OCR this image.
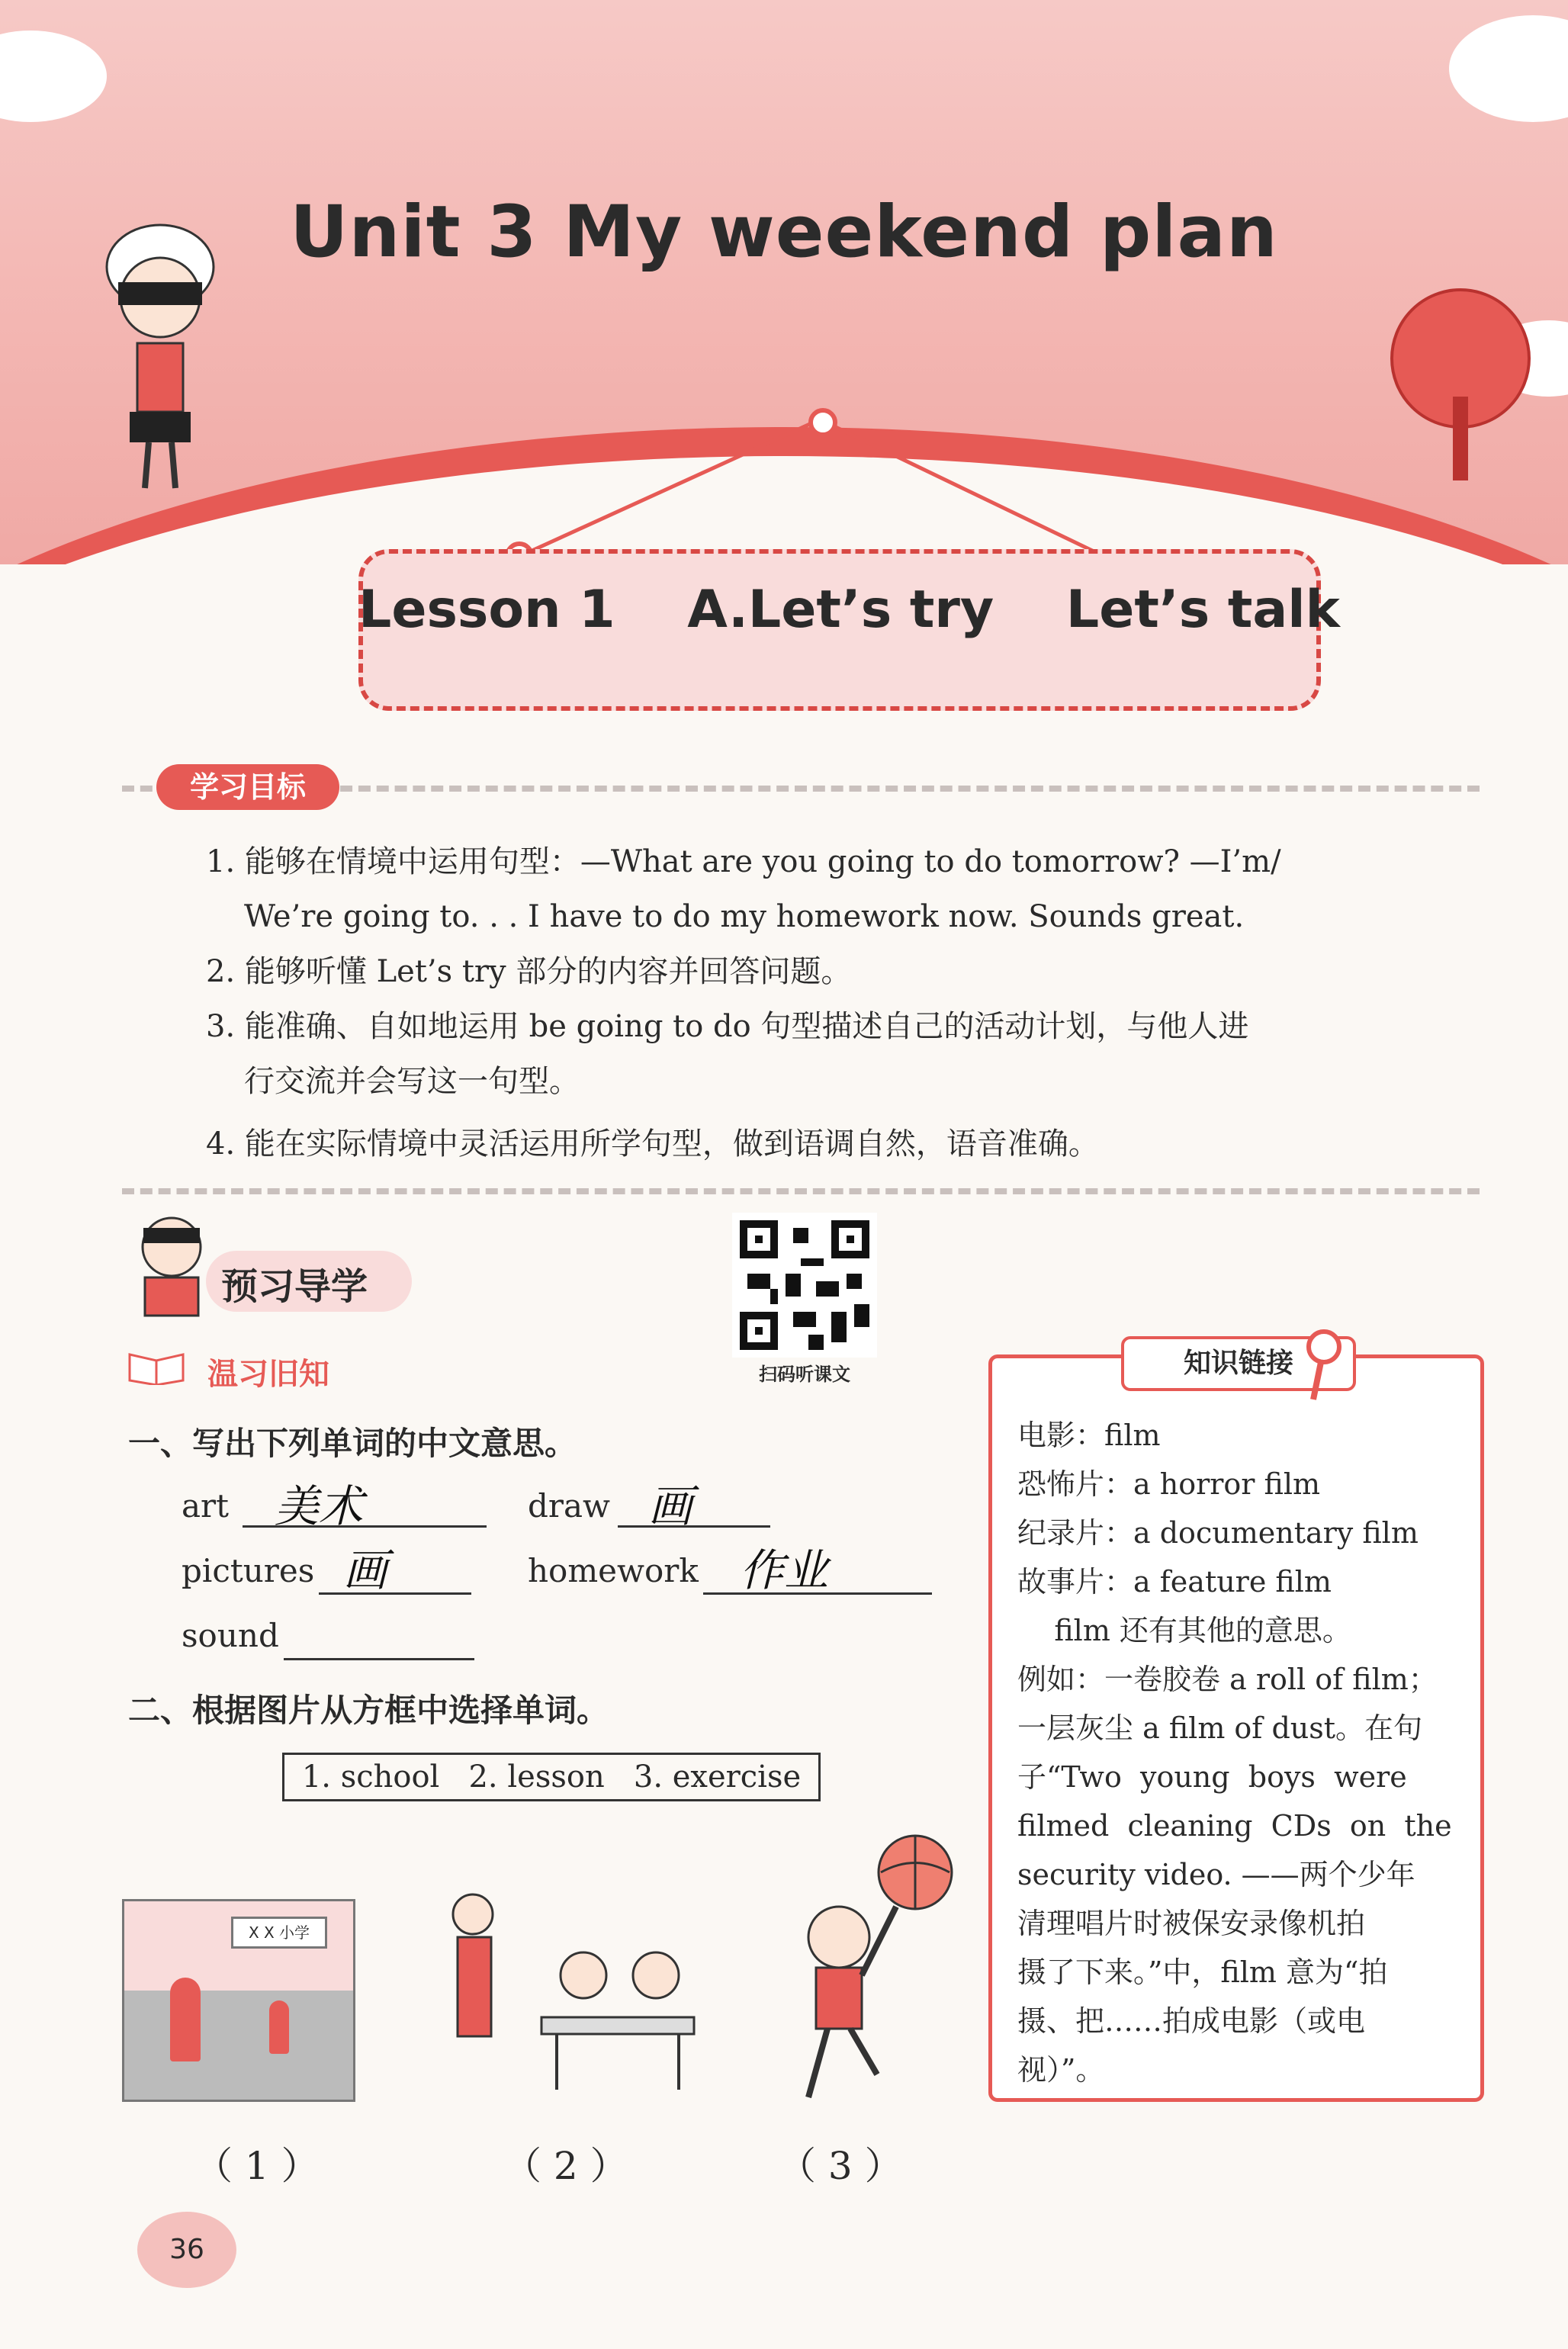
Unit 3 My weekend plan
Lesson 1    A.Let’s try    Let’s talk
学习目标
1. 能够在情境中运用句型：—What are you going to do tomorrow? —I’m/
We’re going to. . . I have to do my homework now. Sounds great.
2. 能够听懂 Let’s try 部分的内容并回答问题。
3. 能准确、自如地运用 be going to do 句型描述自己的活动计划，与他人进
行交流并会写这一句型。
4. 能在实际情境中灵活运用所学句型，做到语调自然，语音准确。
预习导学
扫码听课文
温习旧知
一、写出下列单词的中文意思。
art 美术	draw 画
pictures 画	homework 作业
sound
二、根据图片从方框中选择单词。
1. school   2. lesson   3. exercise
X X 小学
（ 1 ）	（ 2 ）	（ 3 ）
知识链接
电影：film
恐怖片：a horror film
纪录片：a documentary film
故事片：a feature film
film 还有其他的意思。
例如：一卷胶卷 a roll of film；
一层灰尘 a film of dust。在句
子“Two  young  boys  were
filmed  cleaning  CDs  on  the
security video. ——两个少年
清理唱片时被保安录像机拍
摄了下来。”中，film 意为“拍
摄、把……拍成电影（或电
视）”。
36
